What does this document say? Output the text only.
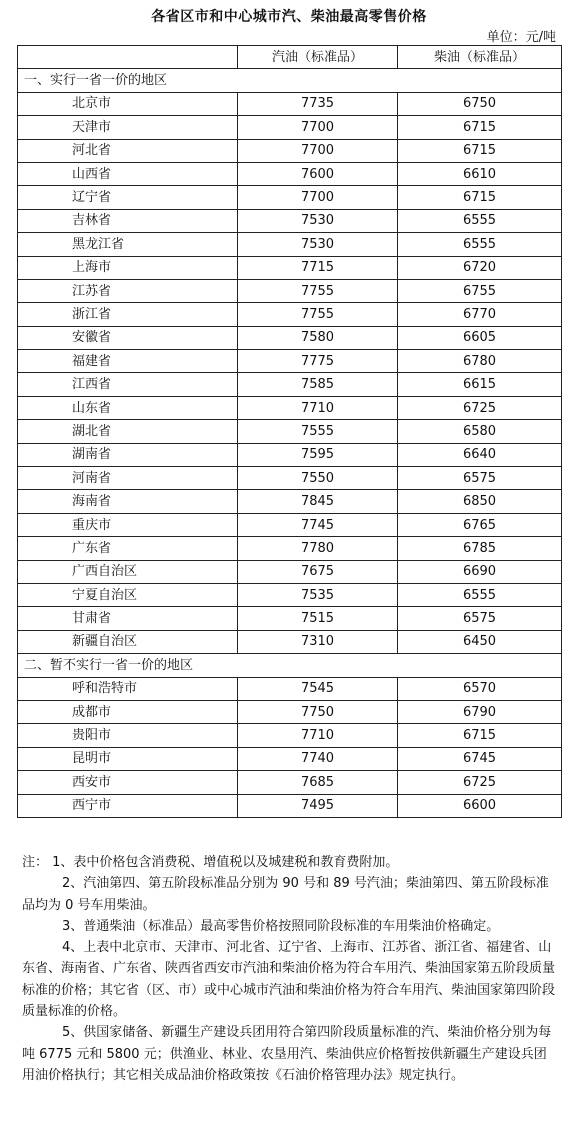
各省区市和中心城市汽、柴油最高零售价格
单位：元/吨
	汽油（标准品）	柴油（标准品）
一、实行一省一价的地区		
北京市	7735	6750
天津市	7700	6715
河北省	7700	6715
山西省	7600	6610
辽宁省	7700	6715
吉林省	7530	6555
黑龙江省	7530	6555
上海市	7715	6720
江苏省	7755	6755
浙江省	7755	6770
安徽省	7580	6605
福建省	7775	6780
江西省	7585	6615
山东省	7710	6725
湖北省	7555	6580
湖南省	7595	6640
河南省	7550	6575
海南省	7845	6850
重庆市	7745	6765
广东省	7780	6785
广西自治区	7675	6690
宁夏自治区	7535	6555
甘肃省	7515	6575
新疆自治区	7310	6450
二、暂不实行一省一价的地区		
呼和浩特市	7545	6570
成都市	7750	6790
贵阳市	7710	6715
昆明市	7740	6745
西安市	7685	6725
西宁市	7495	6600

注： 1、表中价格包含消费税、增值税以及城建税和教育费附加。

2、汽油第四、第五阶段标准品分别为 90 号和 89 号汽油；柴油第四、第五阶段标准品均为 0 号车用柴油。

3、普通柴油（标准品）最高零售价格按照同阶段标准的车用柴油价格确定。

4、上表中北京市、天津市、河北省、辽宁省、上海市、江苏省、浙江省、福建省、山东省、海南省、广东省、陕西省西安市汽油和柴油价格为符合车用汽、柴油国家第五阶段质量标准的价格；其它省（区、市）或中心城市汽油和柴油价格为符合车用汽、柴油国家第四阶段质量标准的价格。

5、供国家储备、新疆生产建设兵团用符合第四阶段质量标准的汽、柴油价格分别为每吨 6775 元和 5800 元；供渔业、林业、农垦用汽、柴油供应价格暂按供新疆生产建设兵团用油价格执行；其它相关成品油价格政策按《石油价格管理办法》规定执行。
